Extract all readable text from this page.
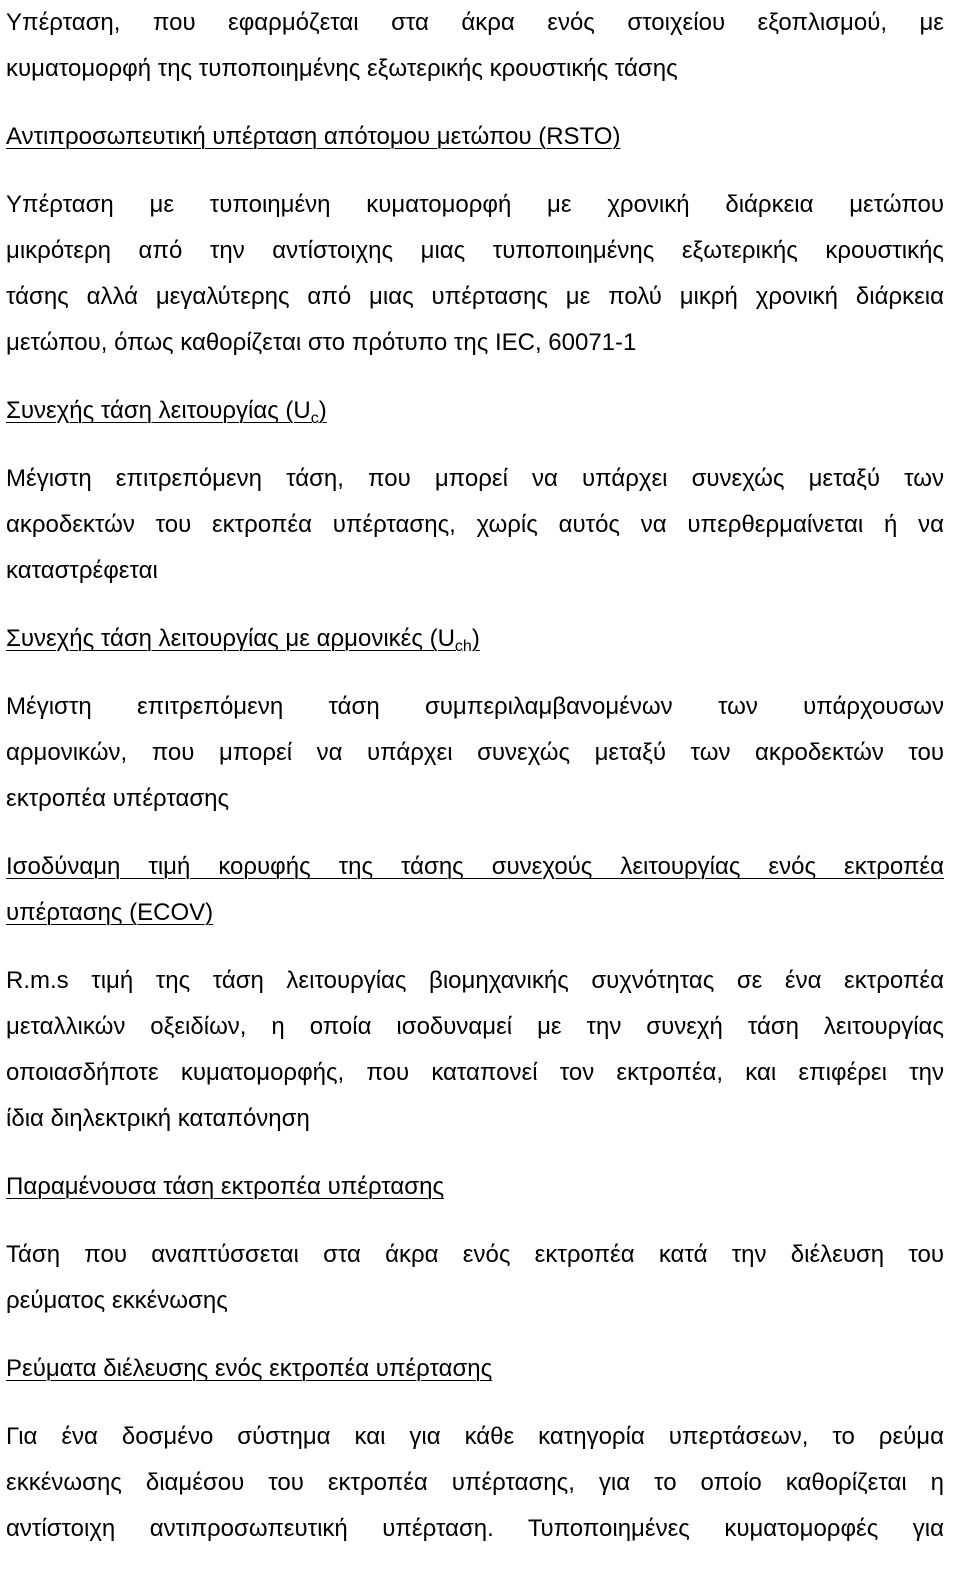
Υπέρταση, που εφαρμόζεται στα άκρα ενός στοιχείου εξοπλισμού, με
κυματομορφή της τυποποιημένης εξωτερικής κρουστικής τάσης
Αντιπροσωπευτική υπέρταση απότομου μετώπου (RSTO)
Υπέρταση με τυποιημένη κυματομορφή με χρονική διάρκεια μετώπου
μικρότερη από την αντίστοιχης μιας τυποποιημένης εξωτερικής κρουστικής
τάσης αλλά μεγαλύτερης από μιας υπέρτασης με πολύ μικρή χρονική διάρκεια
μετώπου, όπως καθορίζεται στο πρότυπο της IEC, 60071-1
Συνεχής τάση λειτουργίας $(U_c)$
Μέγιστη επιτρεπόμενη τάση, που μπορεί να υπάρχει συνεχώς μεταξύ των
ακροδεκτών του εκτροπέα υπέρτασης, χωρίς αυτός να υπερθερμαίνεται ή να
καταστρέφεται
Συνεχής τάση λειτουργίας με αρμονικές $(U_{ch})$
Μέγιστη επιτρεπόμενη τάση συμπεριλαμβανομένων των υπάρχουσων
αρμονικών, που μπορεί να υπάρχει συνεχώς μεταξύ των ακροδεκτών του
εκτροπέα υπέρτασης
Ισοδύναμη τιμή κορυφής της τάσης συνεχούς λειτουργίας ενός εκτροπέα
υπέρτασης (ECOV)
R.m.s τιμή της τάση λειτουργίας βιομηχανικής συχνότητας σε ένα εκτροπέα
μεταλλικών οξειδίων, η οποία ισοδυναμεί με την συνεχή τάση λειτουργίας
οποιασδήποτε κυματομορφής, που καταπονεί τον εκτροπέα, και επιφέρει την
ίδια διηλεκτρική καταπόνηση
Παραμένουσα τάση εκτροπέα υπέρτασης
Τάση που αναπτύσσεται στα άκρα ενός εκτροπέα κατά την διέλευση του
ρεύματος εκκένωσης
Ρεύματα διέλευσης ενός εκτροπέα υπέρτασης
Για ένα δοσμένο σύστημα και για κάθε κατηγορία υπερτάσεων, το ρεύμα
εκκένωσης διαμέσου του εκτροπέα υπέρτασης, για το οποίο καθορίζεται η
αντίστοιχη αντιπροσωπευτική υπέρταση. Τυποποιημένες κυματομορφές για
